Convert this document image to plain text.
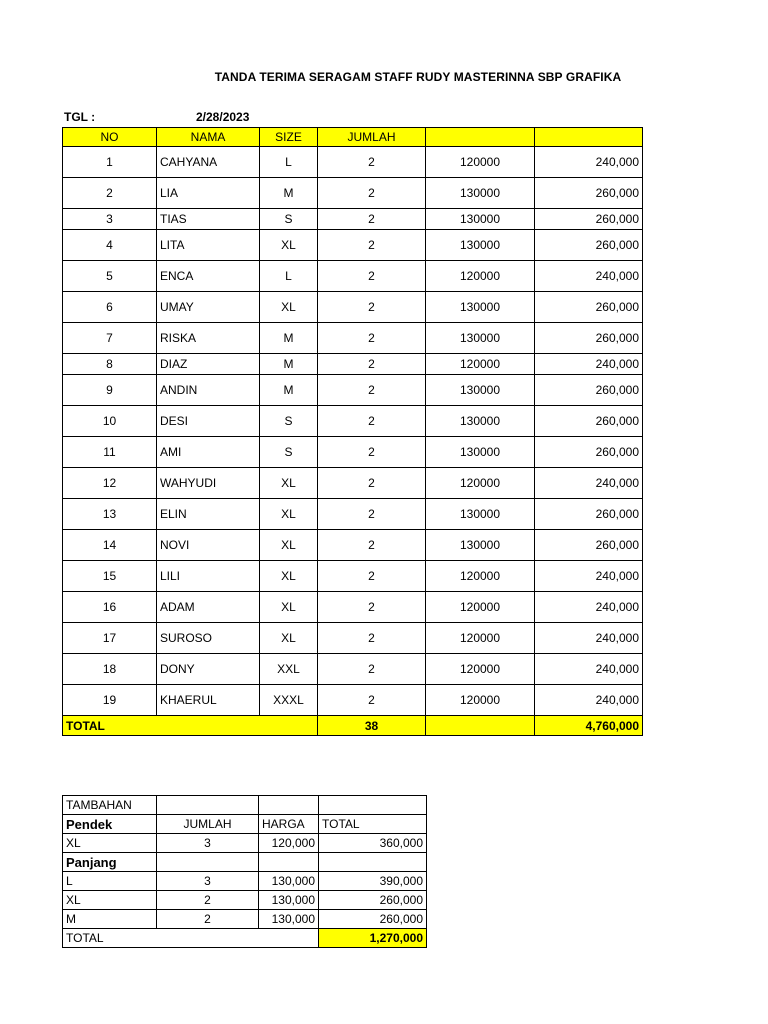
TANDA TERIMA SERAGAM STAFF RUDY MASTERINNA SBP GRAFIKA
TGL :	2/28/2023
NO	NAMA	SIZE	JUMLAH		
1	CAHYANA	L	2	120000	240,000
2	LIA	M	2	130000	260,000
3	TIAS	S	2	130000	260,000
4	LITA	XL	2	130000	260,000
5	ENCA	L	2	120000	240,000
6	UMAY	XL	2	130000	260,000
7	RISKA	M	2	130000	260,000
8	DIAZ	M	2	120000	240,000
9	ANDIN	M	2	130000	260,000
10	DESI	S	2	130000	260,000
11	AMI	S	2	130000	260,000
12	WAHYUDI	XL	2	120000	240,000
13	ELIN	XL	2	130000	260,000
14	NOVI	XL	2	130000	260,000
15	LILI	XL	2	120000	240,000
16	ADAM	XL	2	120000	240,000
17	SUROSO	XL	2	120000	240,000
18	DONY	XXL	2	120000	240,000
19	KHAERUL	XXXL	2	120000	240,000
TOTAL			38		4,760,000
TAMBAHAN			
Pendek	JUMLAH	HARGA	TOTAL
XL	3	120,000	360,000
Panjang			
L	3	130,000	390,000
XL	2	130,000	260,000
M	2	130,000	260,000
TOTAL			1,270,000
